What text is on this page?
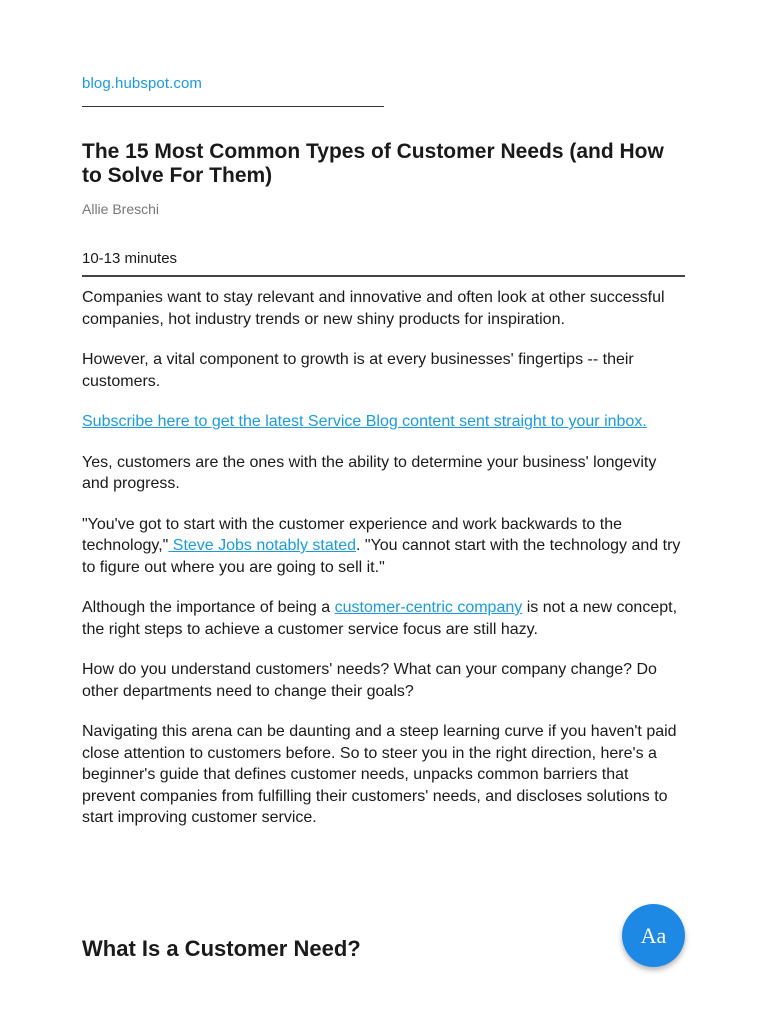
blog.hubspot.com
The 15 Most Common Types of Customer Needs (and How to Solve For Them)
Allie Breschi
10-13 minutes

Companies want to stay relevant and innovative and often look at other successful companies, hot industry trends or new shiny products for inspiration.

However, a vital component to growth is at every businesses' fingertips -- their customers.

Subscribe here to get the latest Service Blog content sent straight to your inbox.

Yes, customers are the ones with the ability to determine your business' longevity and progress.

"You've got to start with the customer experience and work backwards to the technology," Steve Jobs notably stated. "You cannot start with the technology and try to figure out where you are going to sell it."

Although the importance of being a customer-centric company is not a new concept, the right steps to achieve a customer service focus are still hazy.

How do you understand customers' needs? What can your company change? Do other departments need to change their goals?

Navigating this arena can be daunting and a steep learning curve if you haven't paid close attention to customers before. So to steer you in the right direction, here's a beginner's guide that defines customer needs, unpacks common barriers that prevent companies from fulfilling their customers' needs, and discloses solutions to start improving customer service.

What Is a Customer Need?
Aa
